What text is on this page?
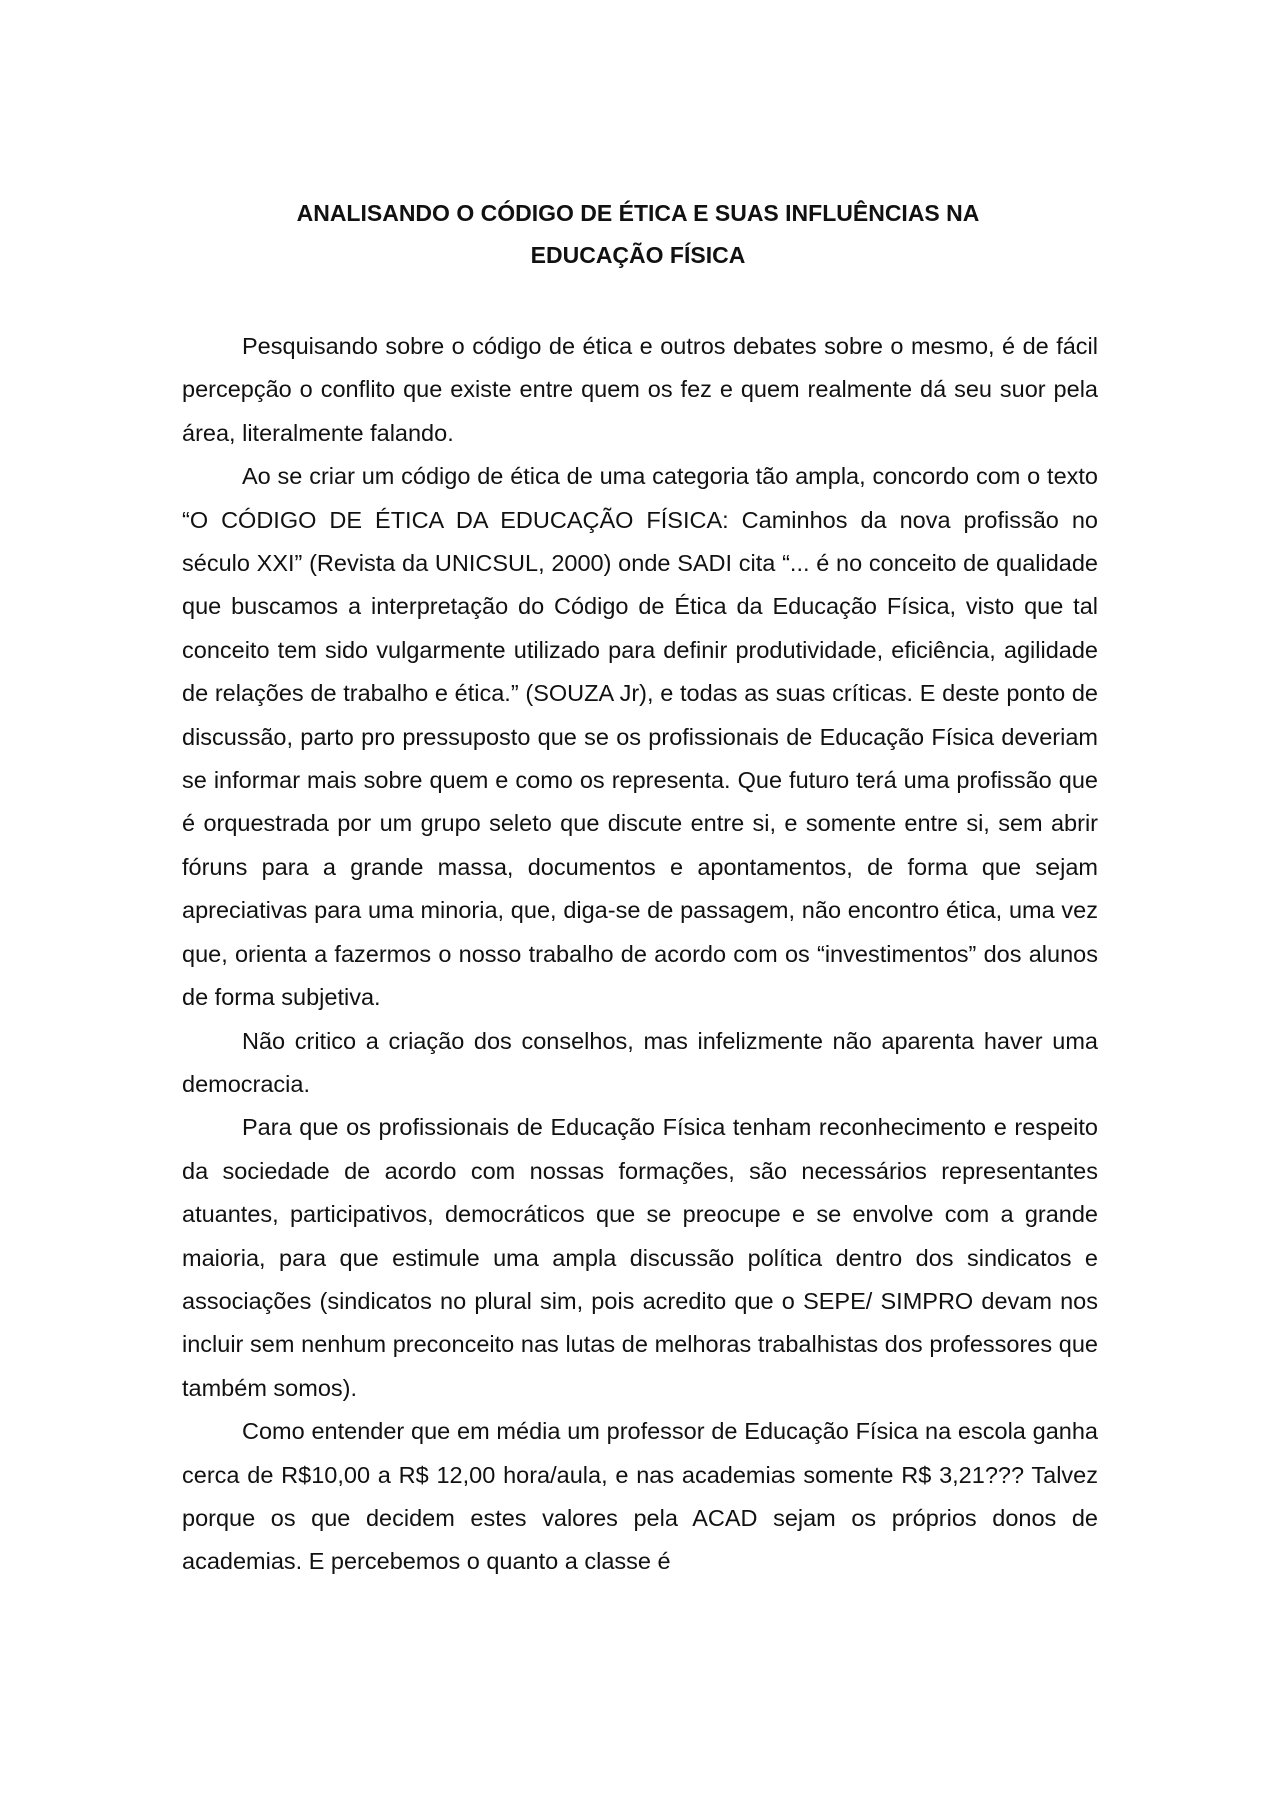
ANALISANDO O CÓDIGO DE ÉTICA E SUAS INFLUÊNCIAS NA
EDUCAÇÃO FÍSICA

Pesquisando sobre o código de ética e outros debates sobre o mesmo, é de fácil percepção o conflito que existe entre quem os fez e quem realmente dá seu suor pela área, literalmente falando.

Ao se criar um código de ética de uma categoria tão ampla, concordo com o texto “O CÓDIGO DE ÉTICA DA EDUCAÇÃO FÍSICA: Caminhos da nova profissão no século XXI” (Revista da UNICSUL, 2000) onde SADI cita “... é no conceito de qualidade que buscamos a interpretação do Código de Ética da Educação Física, visto que tal conceito tem sido vulgarmente utilizado para definir produtividade, eficiência, agilidade de relações de trabalho e ética.” (SOUZA Jr), e todas as suas críticas. E deste ponto de discussão, parto pro pressuposto que se os profissionais de Educação Física deveriam se informar mais sobre quem e como os representa. Que futuro terá uma profissão que é orquestrada por um grupo seleto que discute entre si, e somente entre si, sem abrir fóruns para a grande massa, documentos e apontamentos, de forma que sejam apreciativas para uma minoria, que, diga-se de passagem, não encontro ética, uma vez que, orienta a fazermos o nosso trabalho de acordo com os “investimentos” dos alunos de forma subjetiva.

Não critico a criação dos conselhos, mas infelizmente não aparenta haver uma democracia.

Para que os profissionais de Educação Física tenham reconhecimento e respeito da sociedade de acordo com nossas formações, são necessários representantes atuantes, participativos, democráticos que se preocupe e se envolve com a grande maioria, para que estimule uma ampla discussão política dentro dos sindicatos e associações (sindicatos no plural sim, pois acredito que o SEPE/ SIMPRO devam nos incluir sem nenhum preconceito nas lutas de melhoras trabalhistas dos professores que também somos).

Como entender que em média um professor de Educação Física na escola ganha cerca de R$10,00 a R$ 12,00 hora/aula, e nas academias somente R$ 3,21??? Talvez porque os que decidem estes valores pela ACAD sejam os próprios donos de academias. E percebemos o quanto a classe é
